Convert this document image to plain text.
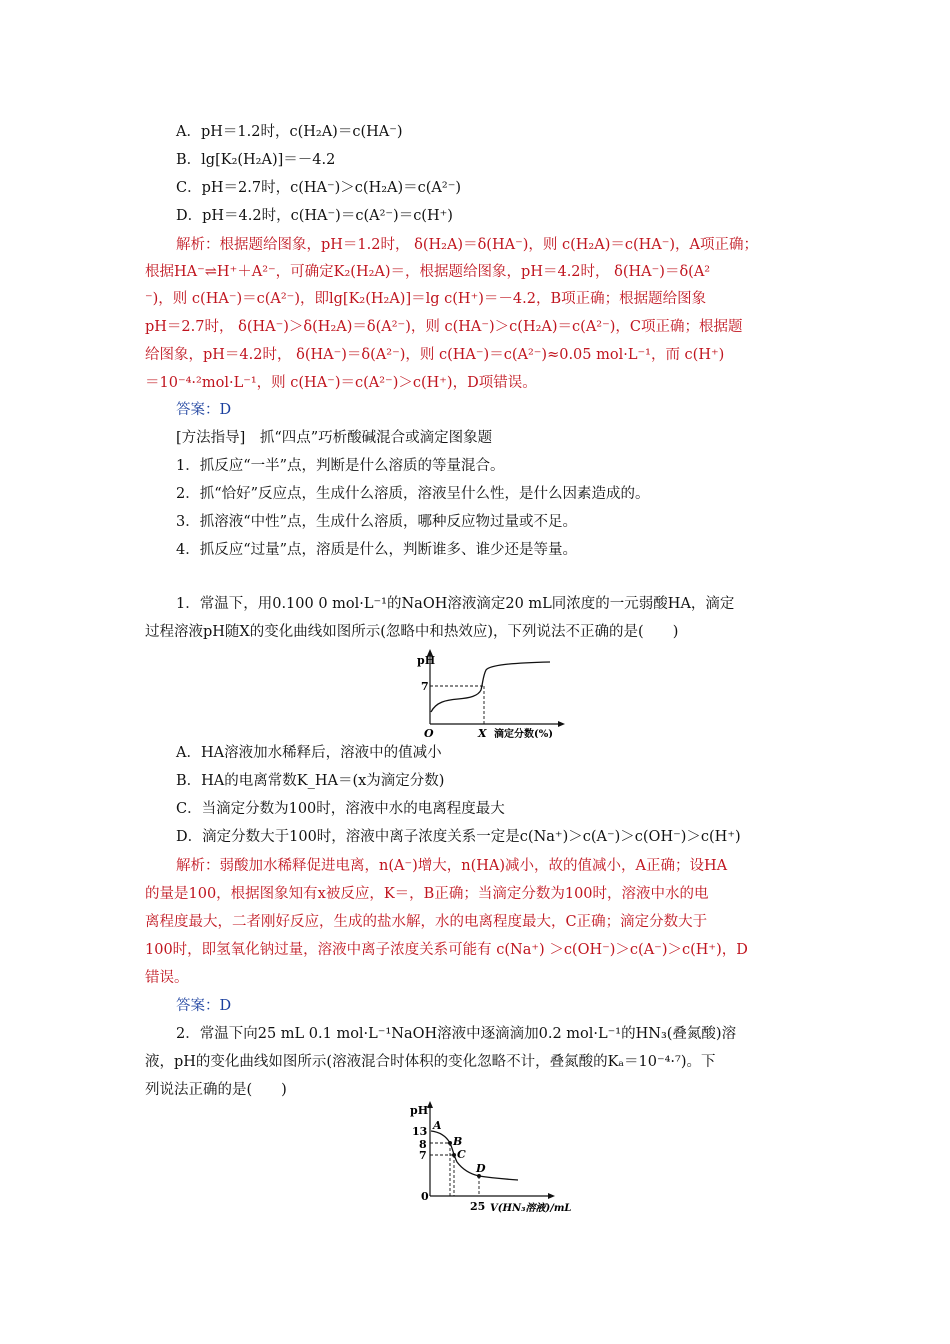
A．pH＝1.2时，c(H₂A)＝c(HA⁻)
B．lg[K₂(H₂A)]＝－4.2
C．pH＝2.7时，c(HA⁻)＞c(H₂A)＝c(A²⁻)
D．pH＝4.2时，c(HA⁻)＝c(A²⁻)＝c(H⁺)
解析：根据题给图象，pH＝1.2时， δ(H₂A)＝δ(HA⁻)，则 c(H₂A)＝c(HA⁻)，A项正确；
根据HA⁻⇌H⁺＋A²⁻，可确定K₂(H₂A)＝，根据题给图象，pH＝4.2时， δ(HA⁻)＝δ(A²
⁻)，则 c(HA⁻)＝c(A²⁻)，即lg[K₂(H₂A)]＝lg c(H⁺)＝－4.2，B项正确；根据题给图象
pH＝2.7时， δ(HA⁻)＞δ(H₂A)＝δ(A²⁻)，则 c(HA⁻)＞c(H₂A)＝c(A²⁻)，C项正确；根据题
给图象，pH＝4.2时， δ(HA⁻)＝δ(A²⁻)，则 c(HA⁻)＝c(A²⁻)≈0.05 mol·L⁻¹，而 c(H⁺)
＝10⁻⁴·²mol·L⁻¹，则 c(HA⁻)＝c(A²⁻)＞c(H⁺)，D项错误。
答案：D
[方法指导]　抓“四点”巧析酸碱混合或滴定图象题
1．抓反应“一半”点，判断是什么溶质的等量混合。
2．抓“恰好”反应点，生成什么溶质，溶液呈什么性，是什么因素造成的。
3．抓溶液“中性”点，生成什么溶质，哪种反应物过量或不足。
4．抓反应“过量”点，溶质是什么，判断谁多、谁少还是等量。
1．常温下，用0.100 0 mol·L⁻¹的NaOH溶液滴定20 mL同浓度的一元弱酸HA，滴定
过程溶液pH随X的变化曲线如图所示(忽略中和热效应)，下列说法不正确的是(　　)
pH
7
O	X 滴定分数(%)
A．HA溶液加水稀释后，溶液中的值减小
B．HA的电离常数K_HA＝(x为滴定分数)
C．当滴定分数为100时，溶液中水的电离程度最大
D．滴定分数大于100时，溶液中离子浓度关系一定是c(Na⁺)＞c(A⁻)＞c(OH⁻)＞c(H⁺)
解析：弱酸加水稀释促进电离，n(A⁻)增大，n(HA)减小，故的值减小，A正确；设HA
的量是100，根据图象知有x被反应，K＝，B正确；当滴定分数为100时，溶液中水的电
离程度最大，二者刚好反应，生成的盐水解，水的电离程度最大，C正确；滴定分数大于
100时，即氢氧化钠过量，溶液中离子浓度关系可能有 c(Na⁺) ＞c(OH⁻)＞c(A⁻)＞c(H⁺)，D
错误。
答案：D
2．常温下向25 mL 0.1 mol·L⁻¹NaOH溶液中逐滴滴加0.2 mol·L⁻¹的HN₃(叠氮酸)溶
液，pH的变化曲线如图所示(溶液混合时体积的变化忽略不计，叠氮酸的Kₐ＝10⁻⁴·⁷)。下
列说法正确的是(　　)
pH
13
8
7
0
25 V(HN₃溶液)/mL
A
B
C
D
